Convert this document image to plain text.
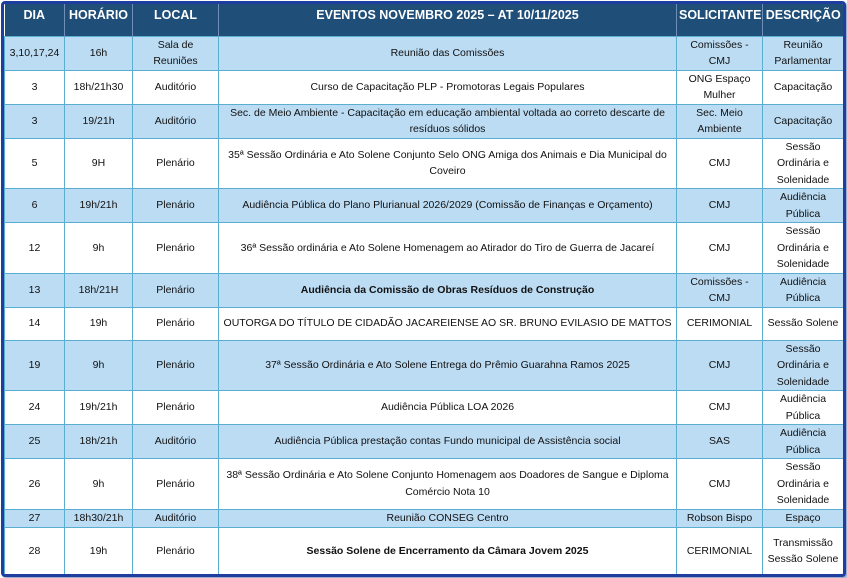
DIA	HORÁRIO	LOCAL	EVENTOS NOVEMBRO 2025 – AT 10/11/2025	SOLICITANTE	DESCRIÇÃO
3,10,17,24	16h	Sala de Reuniões	Reunião das Comissões	Comissões - CMJ	Reunião Parlamentar
3	18h/21h30	Auditório	Curso de Capacitação PLP - Promotoras Legais Populares	ONG Espaço Mulher	Capacitação
3	19/21h	Auditório	Sec. de Meio Ambiente - Capacitação em educação ambiental voltada ao correto descarte de resíduos sólidos	Sec. Meio Ambiente	Capacitação
5	9H	Plenário	35ª Sessão Ordinária e Ato Solene Conjunto Selo ONG Amiga dos Animais e Dia Municipal do Coveiro	CMJ	Sessão Ordinária e Solenidade
6	19h/21h	Plenário	Audiência Pública do Plano Plurianual 2026/2029 (Comissão de Finanças e Orçamento)	CMJ	Audiência Pública
12	9h	Plenário	36ª Sessão ordinária e Ato Solene Homenagem ao Atirador do Tiro de Guerra de Jacareí	CMJ	Sessão Ordinária e Solenidade
13	18h/21H	Plenário	Audiência da Comissão de Obras Resíduos de Construção	Comissões - CMJ	Audiência Pública
14	19h	Plenário	OUTORGA DO TÍTULO DE CIDADÃO JACAREIENSE AO SR. BRUNO EVILASIO DE MATTOS	CERIMONIAL	Sessão Solene
19	9h	Plenário	37ª Sessão Ordinária e Ato Solene Entrega do Prêmio Guarahna Ramos 2025	CMJ	Sessão Ordinária e Solenidade
24	19h/21h	Plenário	Audiência Pública LOA 2026	CMJ	Audiência Pública
25	18h/21h	Auditório	Audiência Pública prestação contas Fundo municipal de Assistência social	SAS	Audiência Pública
26	9h	Plenário	38ª Sessão Ordinária e Ato Solene Conjunto Homenagem aos Doadores de Sangue e Diploma Comércio Nota 10	CMJ	Sessão Ordinária e Solenidade
27	18h30/21h	Auditório	Reunião CONSEG Centro	Robson Bispo	Espaço
28	19h	Plenário	Sessão Solene de Encerramento da Câmara Jovem 2025	CERIMONIAL	Transmissão Sessão Solene
